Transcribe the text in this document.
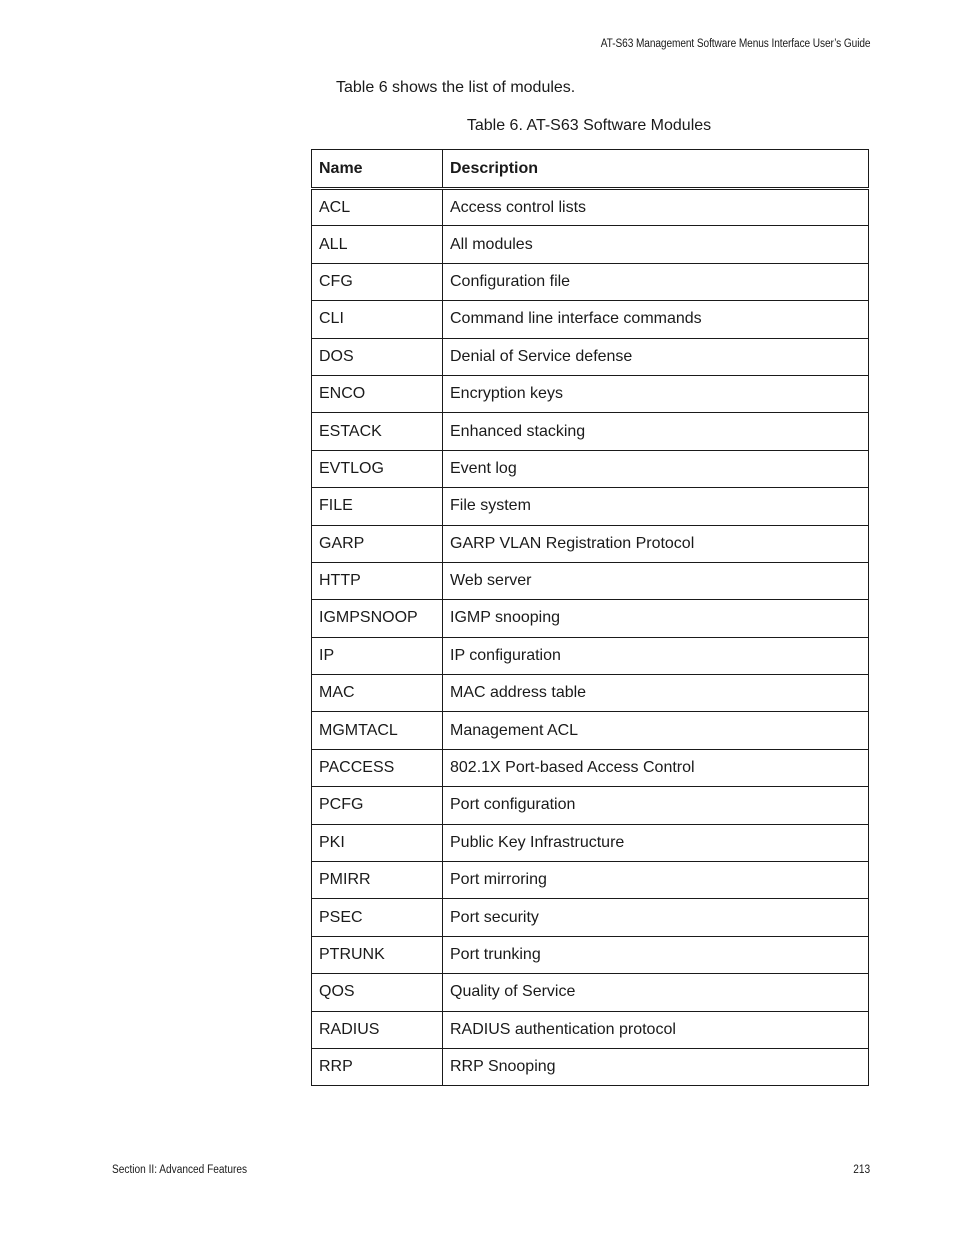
AT-S63 Management Software Menus Interface User’s Guide

Table 6 shows the list of modules.

Table 6. AT-S63 Software Modules
Name	Description
ACL	Access control lists
ALL	All modules
CFG	Configuration file
CLI	Command line interface commands
DOS	Denial of Service defense
ENCO	Encryption keys
ESTACK	Enhanced stacking
EVTLOG	Event log
FILE	File system
GARP	GARP VLAN Registration Protocol
HTTP	Web server
IGMPSNOOP	IGMP snooping
IP	IP configuration
MAC	MAC address table
MGMTACL	Management ACL
PACCESS	802.1X Port-based Access Control
PCFG	Port configuration
PKI	Public Key Infrastructure
PMIRR	Port mirroring
PSEC	Port security
PTRUNK	Port trunking
QOS	Quality of Service
RADIUS	RADIUS authentication protocol
RRP	RRP Snooping
Section II: Advanced Features	213
